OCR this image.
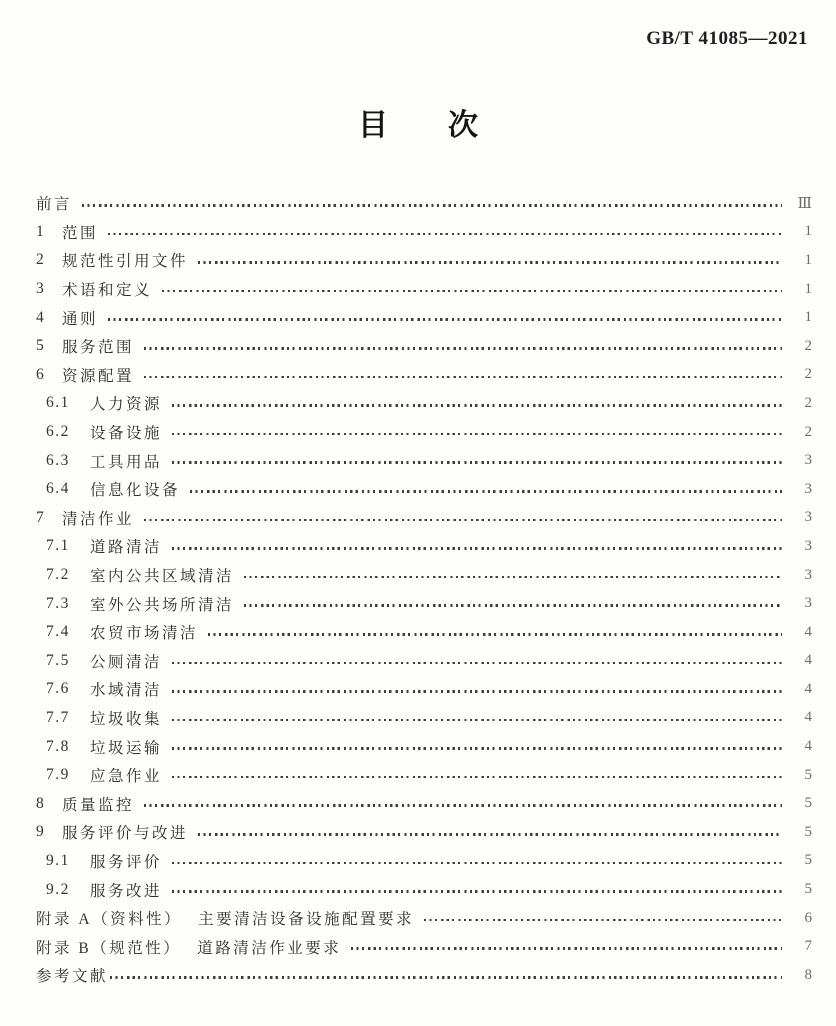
GB/T 41085—2021
目　　次
前言	Ⅲ
1	范围	1
2	规范性引用文件	1
3	术语和定义	1
4	通则	1
5	服务范围	2
6	资源配置	2
6.1	人力资源	2
6.2	设备设施	2
6.3	工具用品	3
6.4	信息化设备	3
7	清洁作业	3
7.1	道路清洁	3
7.2	室内公共区域清洁	3
7.3	室外公共场所清洁	3
7.4	农贸市场清洁	4
7.5	公厕清洁	4
7.6	水域清洁	4
7.7	垃圾收集	4
7.8	垃圾运输	4
7.9	应急作业	5
8	质量监控	5
9	服务评价与改进	5
9.1	服务评价	5
9.2	服务改进	5
附录 A（资料性） 主要清洁设备设施配置要求	6
附录 B（规范性） 道路清洁作业要求	7
参考文献	8
